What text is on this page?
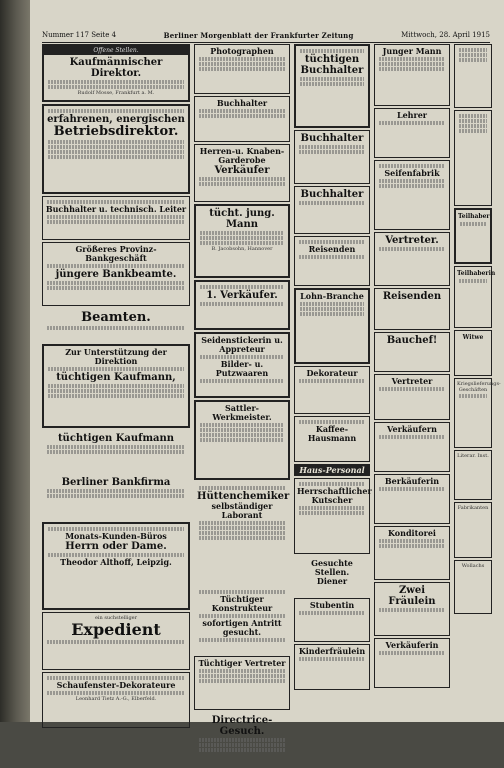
Nummer 117 Seite 4	Berliner Morgenblatt der Frankfurter Zeitung	Mittwoch, 28. April 1915
Offene Stellen.
Kaufmännischer Direktor.
Rudolf Mosse, Frankfurt a. M.
erfahrenen, energischen
Betriebsdirektor.
Buchhalter u. technisch. Leiter
Größeres Provinz-Bankgeschäft
jüngere Bankbeamte.
Beamten.
Zur Unterstützung der Direktion
tüchtigen Kaufmann,
tüchtigen Kaufmann
Berliner Bankfirma
Monats-Kunden-Büros
Herrn oder Dame.
Theodor Althoff, Leipzig.
ein suchstelliger
Expedient
Schaufenster-Dekorateure
Leonhard Tietz A.-G., Elberfeld.
Photographen
Buchhalter
Herren-u. Knaben-Garderobe
Verkäufer
tücht. jung. Mann
B. Jacobsohn, Hannover
1. Verkäufer.
Seidenstickerin u. Appreteur
Bilder- u. Putzwaaren
Sattler-Werkmeister.
Hüttenchemiker
selbständiger Laborant
Tüchtiger Konstrukteur
sofortigen Antritt gesucht.
Tüchtiger Vertreter
Directrice-Gesuch.
tüchtigen Buchhalter
Buchhalter
Buchhalter
Reisenden
Lohn-Branche
Dekorateur
Kaffee-Hausmann
Haus-Personal
Herrschaftlicher Kutscher
Gesuchte Stellen.
Diener
Stubentin
Kinderfräulein
Junger Mann
Lehrer
Seifenfabrik
Vertreter.
Reisenden
Bauchef!
Vertreter
Verkäufern
Berkäuferin
Konditorei
Zwei Fräulein
Verkäuferin
Teilhaber
Teilhaberin
Witwe
Kriegslieferungs-Geschäften
Literar. Inst.
Fabrikanten
Wollachs
